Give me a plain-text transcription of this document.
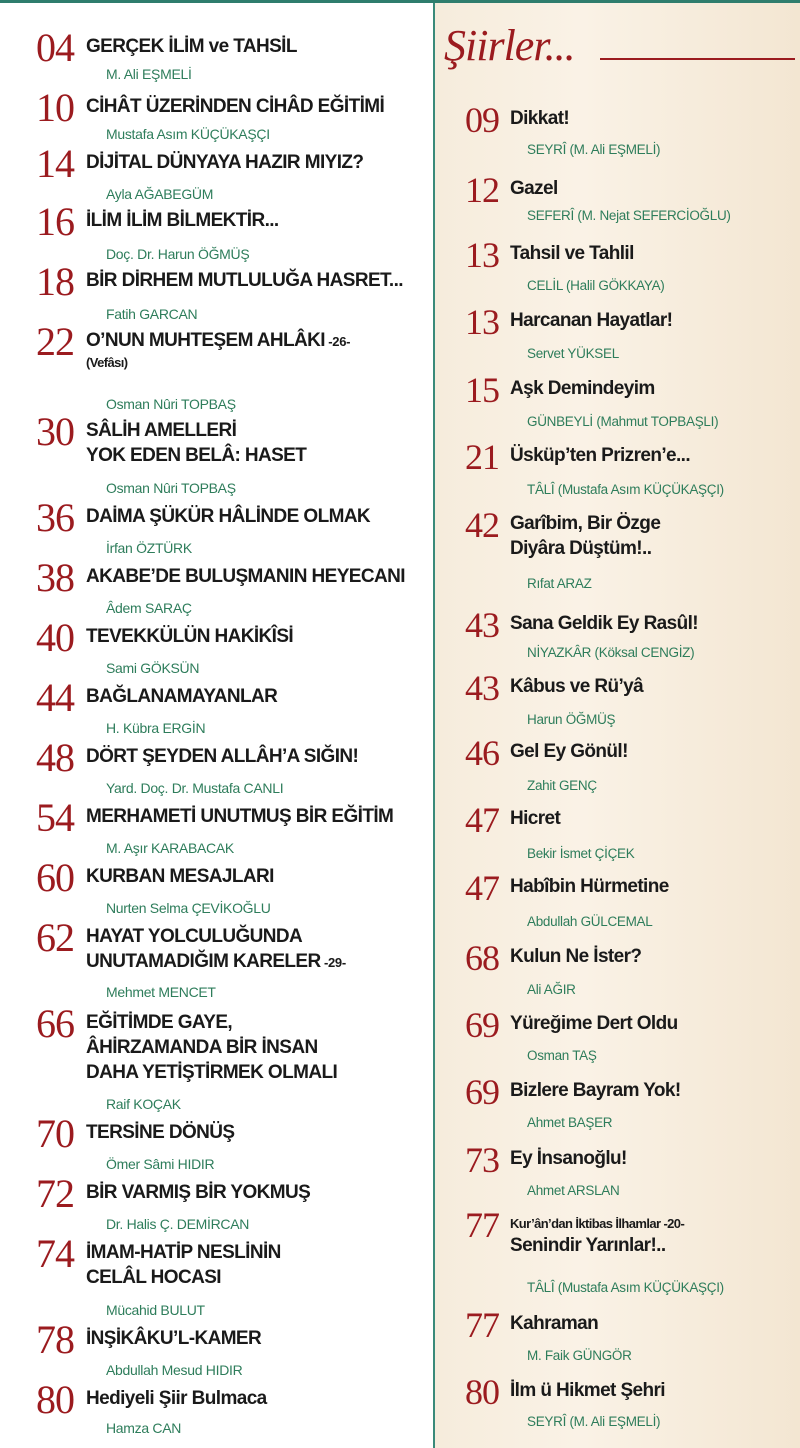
Şiirler...
04 GERÇEK İLİM ve TAHSİL
M. Ali EŞMELİ
10 CİHÂT ÜZERİNDEN CİHÂD EĞİTİMİ
Mustafa Asım KÜÇÜKAŞÇI
14 DİJİTAL DÜNYAYA HAZIR MIYIZ?
Ayla AĞABEGÜM
16 İLİM İLİM BİLMEKTİR...
Doç. Dr. Harun ÖĞMÜŞ
18 BİR DİRHEM MUTLULUĞA HASRET...
Fatih GARCAN
22 O’NUN MUHTEŞEM AHLÂKI -26-
(Vefâsı)
Osman Nûri TOPBAŞ
30 SÂLİH AMELLERİ
YOK EDEN BELÂ: HASET
Osman Nûri TOPBAŞ
36 DAİMA ŞÜKÜR HÂLİNDE OLMAK
İrfan ÖZTÜRK
38 AKABE’DE BULUŞMANIN HEYECANI
Âdem SARAÇ
40 TEVEKKÜLÜN HAKİKÎSİ
Sami GÖKSÜN
44 BAĞLANAMAYANLAR
H. Kübra ERGİN
48 DÖRT ŞEYDEN ALLÂH’A SIĞIN!
Yard. Doç. Dr. Mustafa CANLI
54 MERHAMETİ UNUTMUŞ BİR EĞİTİM
M. Aşır KARABACAK
60 KURBAN MESAJLARI
Nurten Selma ÇEVİKOĞLU
62 HAYAT YOLCULUĞUNDA
UNUTAMADIĞIM KARELER -29-
Mehmet MENCET
66 EĞİTİMDE GAYE,
ÂHİRZAMANDA BİR İNSAN
DAHA YETİŞTİRMEK OLMALI
Raif KOÇAK
70 TERSİNE DÖNÜŞ
Ömer Sâmi HIDIR
72 BİR VARMIŞ BİR YOKMUŞ
Dr. Halis Ç. DEMİRCAN
74 İMAM-HATİP NESLİNİN
CELÂL HOCASI
Mücahid BULUT
78 İNŞİKÂKU’L-KAMER
Abdullah Mesud HIDIR
80 Hediyeli Şiir Bulmaca
Hamza CAN
09 Dikkat!
SEYRÎ (M. Ali EŞMELİ)
12 Gazel
SEFERÎ (M. Nejat SEFERCİOĞLU)
13 Tahsil ve Tahlil
CELİL (Halil GÖKKAYA)
13 Harcanan Hayatlar!
Servet YÜKSEL
15 Aşk Demindeyim
GÜNBEYLİ (Mahmut TOPBAŞLI)
21 Üsküp’ten Prizren’e...
TÂLÎ (Mustafa Asım KÜÇÜKAŞÇI)
42 Garîbim, Bir Özge
Diyâra Düştüm!..
Rıfat ARAZ
43 Sana Geldik Ey Rasûl!
NİYAZKÂR (Köksal CENGİZ)
43 Kâbus ve Rü’yâ
Harun ÖĞMÜŞ
46 Gel Ey Gönül!
Zahit GENÇ
47 Hicret
Bekir İsmet ÇİÇEK
47 Habîbin Hürmetine
Abdullah GÜLCEMAL
68 Kulun Ne İster?
Ali AĞIR
69 Yüreğime Dert Oldu
Osman TAŞ
69 Bizlere Bayram Yok!
Ahmet BAŞER
73 Ey İnsanoğlu!
Ahmet ARSLAN
77 Kur’ân’dan İktibas İlhamlar -20-
Senindir Yarınlar!..
TÂLÎ (Mustafa Asım KÜÇÜKAŞÇI)
77 Kahraman
M. Faik GÜNGÖR
80 İlm ü Hikmet Şehri
SEYRÎ (M. Ali EŞMELİ)
